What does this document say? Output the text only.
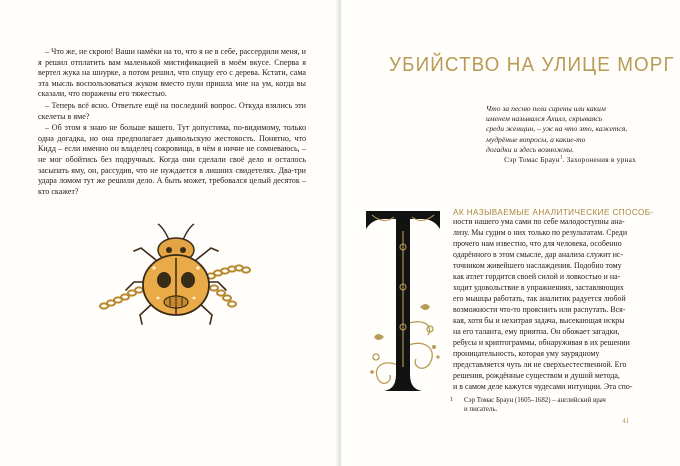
– Что же, не скрою! Ваши намёки на то, что я не в себе, рассердили меня, и я решил отплатить вам маленькой мистификацией в моём вкусе. Сперва я вертел жука на шнурке, а потом решил, что спущу его с дерева. Кстати, сама эта мысль воспользоваться жуком вместо пули пришла мне на ум, когда вы сказали, что поражены его тяжестью.

– Теперь всё ясно. Ответьте ещё на последний вопрос. Откуда взялись эти скелеты в яме?

– Об этом я знаю не больше вашего. Тут допустима, по-видимому, только одна догадка, но она предполагает дьявольскую жестокость. Понятно, что Кидд – если именно он владелец сокровища, в чём я ничне не сомневаюсь, – не мог обойтись без подручных. Когда они сделали своё дело и осталось засыпать яму, он, рассудив, что не нуждается в лишних свидетелях. Два-три удара ломом тут же решили дело. А быть может, требовался целый десяток – кто скажет?

УБИЙСТВО НА УЛИЦЕ МОРГ
Что за песню пели сирены или каким
именем назывался Ахилл, скрываясь
среди женщин, – уж на что это, кажется,
мудрёные вопросы, а какие-то
догадки и здесь возможны.
Сэр Томас Браун$^1$. Захоронения в урнах
Т
АК НАЗЫВАЕМЫЕ АНАЛИТИЧЕСКИЕ СПОСОБ-
ности нашего ума сами по себе малодоступны ана-
лизу. Мы судим о них только по результатам. Среди
прочего нам известно, что для человека, особенно
одарённого в этом смысле, дар анализа служит ис-
точником живейшего наслаждения. Подобно тому
как атлет гордится своей силой и ловкостью и на-
ходит удовольствие в упражнениях, заставляющих
его мышцы работать, так аналитик радуется любой
возможности что-то прояснить или распутать. Вся-
кая, хотя бы и нехитрая задача, высекающая искры
на его таланта, ему приятна. Он обожает загадки,
ребусы и криптограммы, обнаруживая в их решении
проницательность, которая уму заурядному
представляется чуть ли не сверхъестественной. Его
решения, рождённые существом и душой метода,
и в самом деле кажутся чудесами интуиции. Эта спо-
1 Сэр Томас Браун (1605–1682) – английский врач
и писатель.
41
